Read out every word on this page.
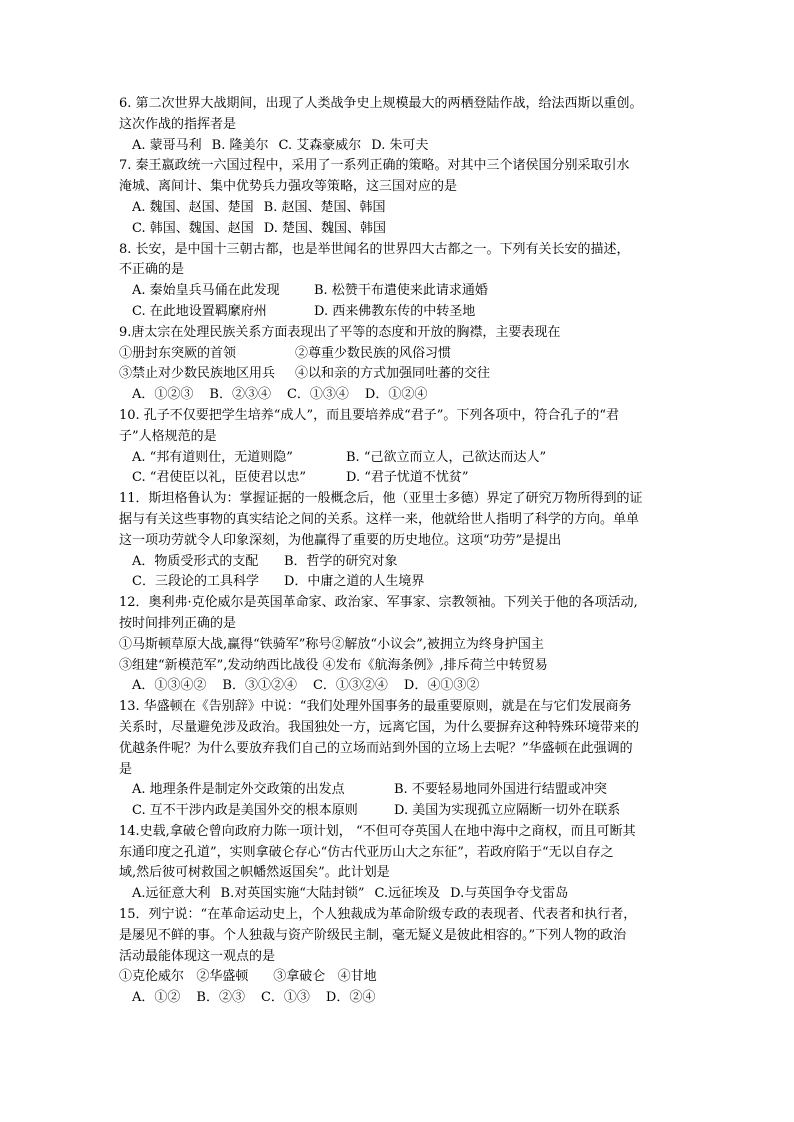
6. 第二次世界大战期间，出现了人类战争史上规模最大的两栖登陆作战，给法西斯以重创。
这次作战的指挥者是
A. 蒙哥马利 B. 隆美尔 C. 艾森豪威尔 D. 朱可夫
7. 秦王嬴政统一六国过程中，采用了一系列正确的策略。对其中三个诸侯国分别采取引水
淹城、离间计、集中优势兵力强攻等策略，这三国对应的是
A. 魏国、赵国、楚国 B. 赵国、楚国、韩国
C. 韩国、魏国、赵国 D. 楚国、魏国、韩国
8. 长安，是中国十三朝古都，也是举世闻名的世界四大古都之一。下列有关长安的描述，
不正确的是
A. 秦始皇兵马俑在此发现	B. 松赞干布遣使来此请求通婚
C. 在此地设置羁縻府州	D. 西来佛教东传的中转圣地
9.唐太宗在处理民族关系方面表现出了平等的态度和开放的胸襟，主要表现在
①册封东突厥的首领	②尊重少数民族的风俗习惯
③禁止对少数民族地区用兵 ④以和亲的方式加强同吐蕃的交往
A．①②③ B．②③④ C．①③④ D．①②④
10. 孔子不仅要把学生培养“成人”，而且要培养成“君子”。下列各项中，符合孔子的“君
子”人格规范的是
A. “邦有道则仕，无道则隐”	B. “己欲立而立人，己欲达而达人”
C. “君使臣以礼，臣使君以忠”	D. “君子忧道不忧贫”
11．斯坦格鲁认为：掌握证据的一般概念后，他（亚里士多德）界定了研究万物所得到的证
据与有关这些事物的真实结论之间的关系。这样一来，他就给世人指明了科学的方向。单单
这一项功劳就令人印象深刻，为他赢得了重要的历史地位。这项“功劳”是提出
A．物质受形式的支配 B．哲学的研究对象
C．三段论的工具科学 D．中庸之道的人生境界
12．奥利弗·克伦威尔是英国革命家、政治家、军事家、宗教领袖。下列关于他的各项活动,
按时间排列正确的是
①马斯顿草原大战,赢得“铁骑军”称号②解放“小议会”,被拥立为终身护国主
③组建“新模范军”,发动纳西比战役 ④发布《航海条例》,排斥荷兰中转贸易
A．①③④② B．③①②④ C．①③②④ D．④①③②
13. 华盛顿在《告别辞》中说：“我们处理外国事务的最重要原则，就是在与它们发展商务
关系时，尽量避免涉及政治。我国独处一方，远离它国，为什么要摒弃这种特殊环境带来的
优越条件呢？为什么要放弃我们自己的立场而站到外国的立场上去呢？”华盛顿在此强调的
是
A. 地理条件是制定外交政策的出发点	B. 不要轻易地同外国进行结盟或冲突
C. 互不干涉内政是美国外交的根本原则	D. 美国为实现孤立应隔断一切外在联系
14.史载,拿破仑曾向政府力陈一项计划， “不但可夺英国人在地中海中之商权，而且可断其
东通印度之孔道”，实则拿破仑存心“仿古代亚历山大之东征”，若政府陷于“无以自存之
域,然后彼可树救国之帜幡然返国矣”。此计划是
A.远征意大利 B.对英国实施“大陆封锁” C.远征埃及 D.与英国争夺戈雷岛
15．列宁说：“在革命运动史上，个人独裁成为革命阶级专政的表现者、代表者和执行者，
是屡见不鲜的事。个人独裁与资产阶级民主制，毫无疑义是彼此相容的。”下列人物的政治
活动最能体现这一观点的是
①克伦威尔   ②华盛顿      ③拿破仑   ④甘地
A．①② B．②③ C．①③ D．②④
